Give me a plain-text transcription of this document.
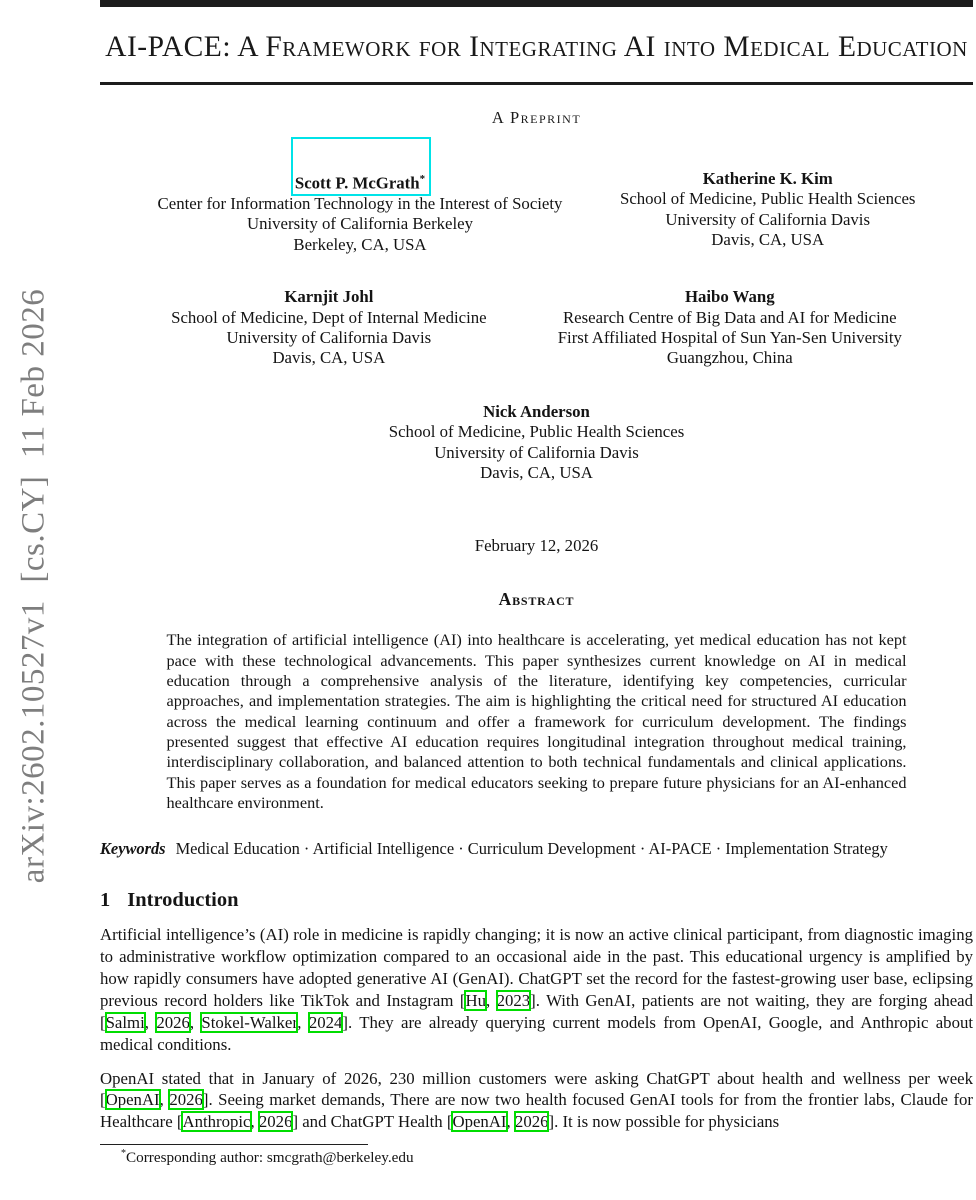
arXiv:2602.10527v1  [cs.CY]  11 Feb 2026
AI-PACE: A Framework for Integrating AI into Medical Education
A Preprint
Scott P. McGrath*
Center for Information Technology in the Interest of Society
University of California Berkeley
Berkeley, CA, USA
Katherine K. Kim
School of Medicine, Public Health Sciences
University of California Davis
Davis, CA, USA
Karnjit Johl
School of Medicine, Dept of Internal Medicine
University of California Davis
Davis, CA, USA
Haibo Wang
Research Centre of Big Data and AI for Medicine
First Affiliated Hospital of Sun Yan-Sen University
Guangzhou, China
Nick Anderson
School of Medicine, Public Health Sciences
University of California Davis
Davis, CA, USA
February 12, 2026
Abstract

The integration of artificial intelligence (AI) into healthcare is accelerating, yet medical education has not kept pace with these technological advancements. This paper synthesizes current knowledge on AI in medical education through a comprehensive analysis of the literature, identifying key competencies, curricular approaches, and implementation strategies. The aim is highlighting the critical need for structured AI education across the medical learning continuum and offer a framework for curriculum development. The findings presented suggest that effective AI education requires longitudinal integration throughout medical training, interdisciplinary collaboration, and balanced attention to both technical fundamentals and clinical applications. This paper serves as a foundation for medical educators seeking to prepare future physicians for an AI-enhanced healthcare environment.

Keywords Medical Education · Artificial Intelligence · Curriculum Development · AI-PACE · Implementation Strategy
1 Introduction

Artificial intelligence’s (AI) role in medicine is rapidly changing; it is now an active clinical participant, from diagnostic imaging to administrative workflow optimization compared to an occasional aide in the past. This educational urgency is amplified by how rapidly consumers have adopted generative AI (GenAI). ChatGPT set the record for the fastest-growing user base, eclipsing previous record holders like TikTok and Instagram [Hu, 2023]. With GenAI, patients are not waiting, they are forging ahead [Salmi, 2026, Stokel-Walker, 2024]. They are already querying current models from OpenAI, Google, and Anthropic about medical conditions.

OpenAI stated that in January of 2026, 230 million customers were asking ChatGPT about health and wellness per week [OpenAI, 2026]. Seeing market demands, There are now two health focused GenAI tools for from the frontier labs, Claude for Healthcare [Anthropic, 2026] and ChatGPT Health [OpenAI, 2026]. It is now possible for physicians

*Corresponding author: smcgrath@berkeley.edu
